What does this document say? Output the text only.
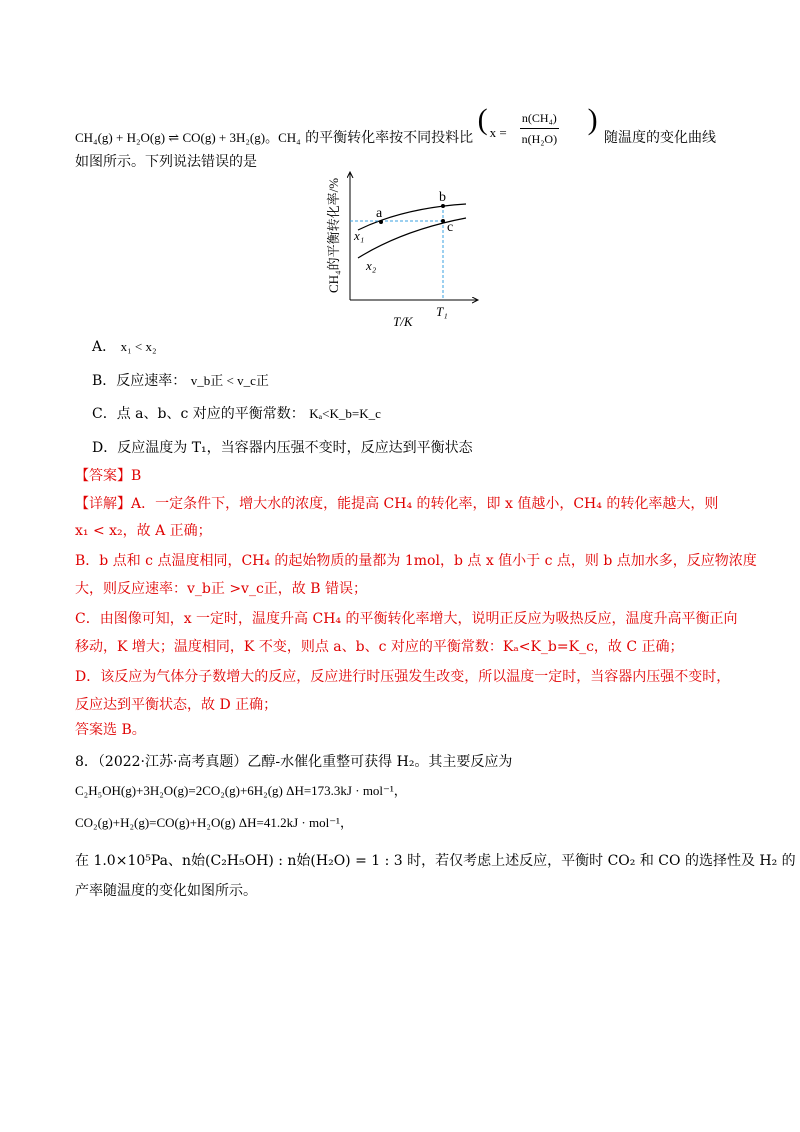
CH₄(g) + H₂O(g) ⇌ CO(g) + 3H₂(g)。CH₄ 的平衡转化率按不同投料比
( $x = \frac{\text{n(CH₄)}}{\text{n(H₂O)}}$ )
随温度的变化曲线
如图所示。下列说法错误的是
CH₄的平衡转化率/%	a
b
c
x₁
x₂
T/K
T₁
A． x₁ < x₂
B．反应速率： v_b正 < v_c正
C．点 a、b、c 对应的平衡常数： Kₐ<K_b=K_c
D．反应温度为 T₁，当容器内压强不变时，反应达到平衡状态
【答案】B
【详解】A．一定条件下，增大水的浓度，能提高 CH₄ 的转化率，即 x 值越小，CH₄ 的转化率越大，则
x₁ < x₂，故 A 正确；
B．b 点和 c 点温度相同，CH₄ 的起始物质的量都为 1mol，b 点 x 值小于 c 点，则 b 点加水多，反应物浓度
大，则反应速率：v_b正 >v_c正，故 B 错误；
C．由图像可知，x 一定时，温度升高 CH₄ 的平衡转化率增大，说明正反应为吸热反应，温度升高平衡正向
移动，K 增大；温度相同，K 不变，则点 a、b、c 对应的平衡常数：Kₐ<K_b=K_c，故 C 正确；
D．该反应为气体分子数增大的反应，反应进行时压强发生改变，所以温度一定时，当容器内压强不变时，
反应达到平衡状态，故 D 正确；
答案选 B。
8．（2022·江苏·高考真题）乙醇-水催化重整可获得 H₂。其主要反应为
C₂H₅OH(g)+3H₂O(g)=2CO₂(g)+6H₂(g) ΔH=173.3kJ · mol⁻¹，
CO₂(g)+H₂(g)=CO(g)+H₂O(g) ΔH=41.2kJ · mol⁻¹，
在 1.0×10⁵Pa、n始(C₂H₅OH) : n始(H₂O) = 1 : 3 时，若仅考虑上述反应，平衡时 CO₂ 和 CO 的选择性及 H₂ 的
产率随温度的变化如图所示。
